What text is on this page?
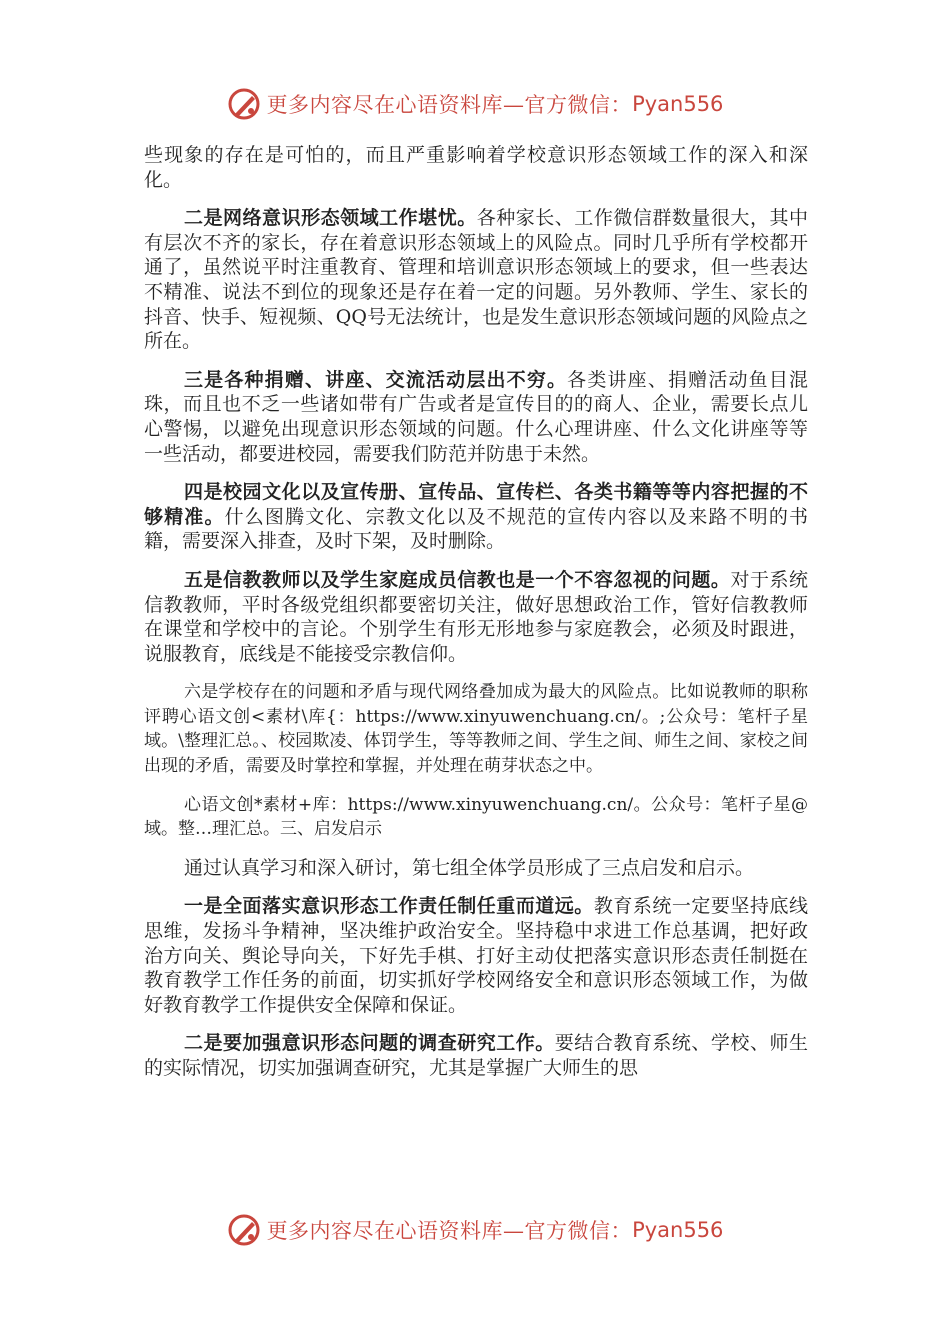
更多内容尽在心语资料库—官方微信： Pyan556

些现象的存在是可怕的，而且严重影响着学校意识形态领域工作的深入和深化。

二是网络意识形态领域工作堪忧。各种家长、工作微信群数量很大，其中有层次不齐的家长，存在着意识形态领域上的风险点。同时几乎所有学校都开通了，虽然说平时注重教育、管理和培训意识形态领域上的要求，但一些表达不精准、说法不到位的现象还是存在着一定的问题。另外教师、学生、家长的抖音、快手、短视频、QQ号无法统计，也是发生意识形态领域问题的风险点之所在。

三是各种捐赠、讲座、交流活动层出不穷。各类讲座、捐赠活动鱼目混珠，而且也不乏一些诸如带有广告或者是宣传目的的商人、企业，需要长点儿心警惕，以避免出现意识形态领域的问题。什么心理讲座、什么文化讲座等等一些活动，都要进校园，需要我们防范并防患于未然。

四是校园文化以及宣传册、宣传品、宣传栏、各类书籍等等内容把握的不够精准。什么图腾文化、宗教文化以及不规范的宣传内容以及来路不明的书籍，需要深入排查，及时下架，及时删除。

五是信教教师以及学生家庭成员信教也是一个不容忽视的问题。对于系统信教教师，平时各级党组织都要密切关注，做好思想政治工作，管好信教教师在课堂和学校中的言论。个别学生有形无形地参与家庭教会，必须及时跟进，说服教育，底线是不能接受宗教信仰。

六是学校存在的问题和矛盾与现代网络叠加成为最大的风险点。比如说教师的职称评聘心语文创<素材\库{：https://www.xinyuwenchuang.cn/。;公众号：笔杆子星域。\整理汇总。、校园欺凌、体罚学生，等等教师之间、学生之间、师生之间、家校之间出现的矛盾，需要及时掌控和掌握，并处理在萌芽状态之中。

心语文创*素材+库：https://www.xinyuwenchuang.cn/。公众号：笔杆子星@域。整…理汇总。三、启发启示

通过认真学习和深入研讨，第七组全体学员形成了三点启发和启示。

一是全面落实意识形态工作责任制任重而道远。教育系统一定要坚持底线思维，发扬斗争精神，坚决维护政治安全。坚持稳中求进工作总基调，把好政治方向关、舆论导向关，下好先手棋、打好主动仗把落实意识形态责任制挺在教育教学工作任务的前面，切实抓好学校网络安全和意识形态领域工作，为做好教育教学工作提供安全保障和保证。

二是要加强意识形态问题的调查研究工作。要结合教育系统、学校、师生的实际情况，切实加强调查研究，尤其是掌握广大师生的思

更多内容尽在心语资料库—官方微信： Pyan556
